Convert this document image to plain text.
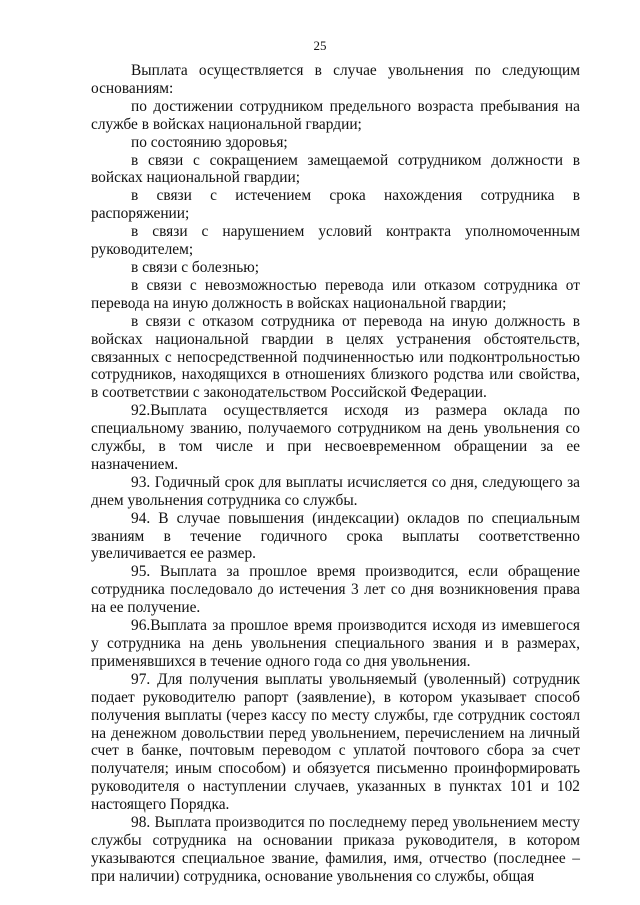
25

Выплата осуществляется в случае увольнения по следующим основаниям:

по достижении сотрудником предельного возраста пребывания на службе в войсках национальной гвардии;

по состоянию здоровья;

в связи с сокращением замещаемой сотрудником должности в войсках национальной гвардии;

в связи с истечением срока нахождения сотрудника в распоряжении;

в связи с нарушением условий контракта уполномоченным руководителем;

в связи с болезнью;

в связи с невозможностью перевода или отказом сотрудника от перевода на иную должность в войсках национальной гвардии;

в связи с отказом сотрудника от перевода на иную должность в войсках национальной гвардии в целях устранения обстоятельств, связанных с непосредственной подчиненностью или подконтрольностью сотрудников, находящихся в отношениях близкого родства или свойства, в соответствии с законодательством Российской Федерации.

92.Выплата осуществляется исходя из размера оклада по специальному званию, получаемого сотрудником на день увольнения со службы, в том числе и при несвоевременном обращении за ее назначением.

93. Годичный срок для выплаты исчисляется со дня, следующего за днем увольнения сотрудника со службы.

94. В случае повышения (индексации) окладов по специальным званиям в течение годичного срока выплаты соответственно увеличивается ее размер.

95. Выплата за прошлое время производится, если обращение сотрудника последовало до истечения 3 лет со дня возникновения права на ее получение.

96.Выплата за прошлое время производится исходя из имевшегося у сотрудника на день увольнения специального звания и в размерах, применявшихся в течение одного года со дня увольнения.

97. Для получения выплаты увольняемый (уволенный) сотрудник подает руководителю рапорт (заявление), в котором указывает способ получения выплаты (через кассу по месту службы, где сотрудник состоял на денежном довольствии перед увольнением, перечислением на личный счет в банке, почтовым переводом с уплатой почтового сбора за счет получателя; иным способом) и обязуется письменно проинформировать руководителя о наступлении случаев, указанных в пунктах 101 и 102 настоящего Порядка.

98. Выплата производится по последнему перед увольнением месту службы сотрудника на основании приказа руководителя, в котором указываются специальное звание, фамилия, имя, отчество (последнее – при наличии) сотрудника, основание увольнения со службы, общая
